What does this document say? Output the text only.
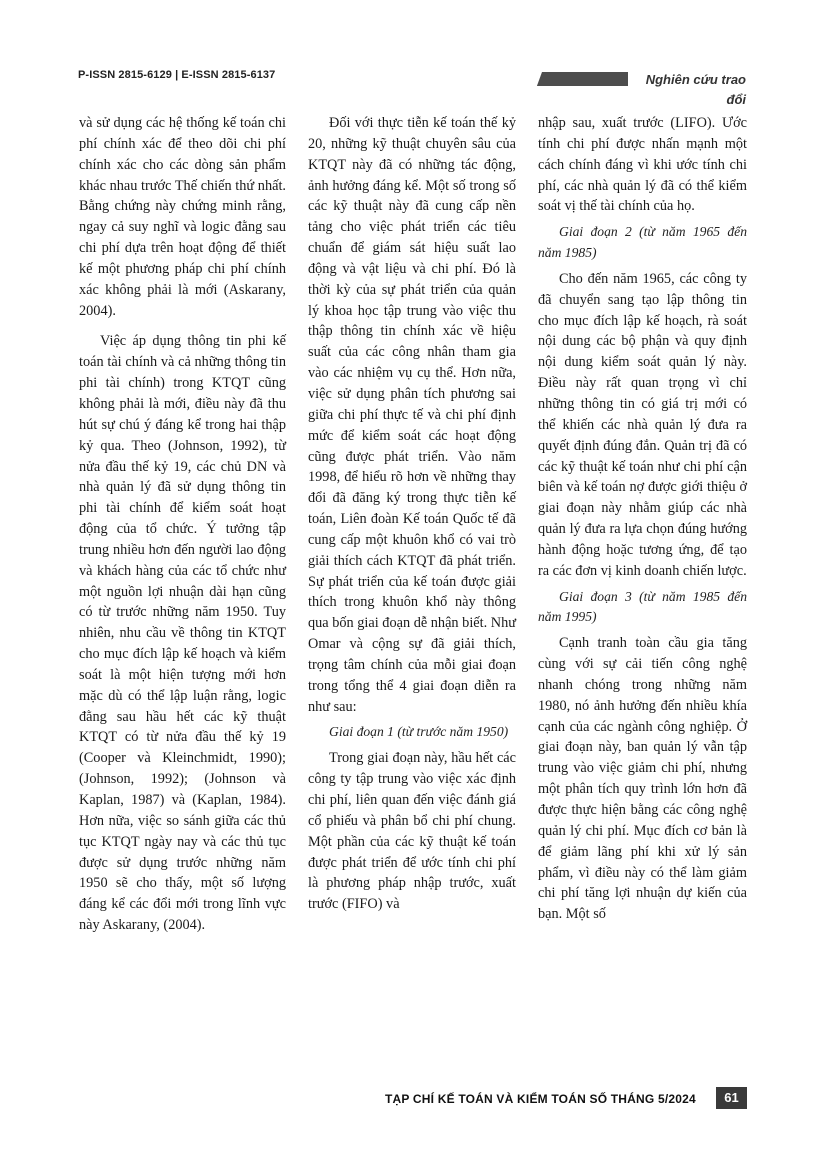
P-ISSN 2815-6129 | E-ISSN 2815-6137	Nghiên cứu trao đổi

và sử dụng các hệ thống kế toán chi phí chính xác để theo dõi chi phí chính xác cho các dòng sản phẩm khác nhau trước Thế chiến thứ nhất. Bằng chứng này chứng minh rằng, ngay cả suy nghĩ và logic đằng sau chi phí dựa trên hoạt động để thiết kế một phương pháp chi phí chính xác không phải là mới (Askarany, 2004).

Việc áp dụng thông tin phi kế toán tài chính và cả những thông tin phi tài chính) trong KTQT cũng không phải là mới, điều này đã thu hút sự chú ý đáng kể trong hai thập kỷ qua. Theo (Johnson, 1992), từ nửa đầu thế kỷ 19, các chủ DN và nhà quản lý đã sử dụng thông tin phi tài chính để kiểm soát hoạt động của tổ chức. Ý tưởng tập trung nhiều hơn đến người lao động và khách hàng của các tổ chức như một nguồn lợi nhuận dài hạn cũng có từ trước những năm 1950. Tuy nhiên, nhu cầu về thông tin KTQT cho mục đích lập kế hoạch và kiểm soát là một hiện tượng mới hơn mặc dù có thể lập luận rằng, logic đằng sau hầu hết các kỹ thuật KTQT có từ nửa đầu thế kỷ 19 (Cooper và Kleinchmidt, 1990); (Johnson, 1992); (Johnson và Kaplan, 1987) và (Kaplan, 1984). Hơn nữa, việc so sánh giữa các thủ tục KTQT ngày nay và các thủ tục được sử dụng trước những năm 1950 sẽ cho thấy, một số lượng đáng kể các đổi mới trong lĩnh vực này Askarany, (2004).

Đối với thực tiễn kế toán thế kỷ 20, những kỹ thuật chuyên sâu của KTQT này đã có những tác động, ảnh hưởng đáng kể. Một số trong số các kỹ thuật này đã cung cấp nền tảng cho việc phát triển các tiêu chuẩn để giám sát hiệu suất lao động và vật liệu và chi phí. Đó là thời kỳ của sự phát triển của quản lý khoa học tập trung vào việc thu thập thông tin chính xác về hiệu suất của các công nhân tham gia vào các nhiệm vụ cụ thể. Hơn nữa, việc sử dụng phân tích phương sai giữa chi phí thực tế và chi phí định mức để kiểm soát các hoạt động cũng được phát triển. Vào năm 1998, để hiểu rõ hơn về những thay đổi đã đăng ký trong thực tiễn kế toán, Liên đoàn Kế toán Quốc tế đã cung cấp một khuôn khổ có vai trò giải thích cách KTQT đã phát triển. Sự phát triển của kế toán được giải thích trong khuôn khổ này thông qua bốn giai đoạn dễ nhận biết. Như Omar và cộng sự đã giải thích, trọng tâm chính của mỗi giai đoạn trong tổng thể 4 giai đoạn diễn ra như sau:

Giai đoạn 1 (từ trước năm 1950)

Trong giai đoạn này, hầu hết các công ty tập trung vào việc xác định chi phí, liên quan đến việc đánh giá cổ phiếu và phân bổ chi phí chung. Một phần của các kỹ thuật kế toán được phát triển để ước tính chi phí là phương pháp nhập trước, xuất trước (FIFO) và

nhập sau, xuất trước (LIFO). Ước tính chi phí được nhấn mạnh một cách chính đáng vì khi ước tính chi phí, các nhà quản lý đã có thể kiểm soát vị thế tài chính của họ.

Giai đoạn 2 (từ năm 1965 đến năm 1985)

Cho đến năm 1965, các công ty đã chuyển sang tạo lập thông tin cho mục đích lập kế hoạch, rà soát nội dung các bộ phận và quy định nội dung kiểm soát quản lý này. Điều này rất quan trọng vì chỉ những thông tin có giá trị mới có thể khiến các nhà quản lý đưa ra quyết định đúng đắn. Quản trị đã có các kỹ thuật kế toán như chi phí cận biên và kế toán nợ được giới thiệu ở giai đoạn này nhằm giúp các nhà quản lý đưa ra lựa chọn đúng hướng hành động hoặc tương ứng, để tạo ra các đơn vị kinh doanh chiến lược.

Giai đoạn 3 (từ năm 1985 đến năm 1995)

Cạnh tranh toàn cầu gia tăng cùng với sự cải tiến công nghệ nhanh chóng trong những năm 1980, nó ảnh hưởng đến nhiều khía cạnh của các ngành công nghiệp. Ở giai đoạn này, ban quản lý vẫn tập trung vào việc giảm chi phí, nhưng một phân tích quy trình lớn hơn đã được thực hiện bằng các công nghệ quản lý chi phí. Mục đích cơ bản là để giảm lãng phí khi xử lý sản phẩm, vì điều này có thể làm giảm chi phí tăng lợi nhuận dự kiến của bạn. Một số

TẠP CHÍ KẾ TOÁN VÀ KIỂM TOÁN SỐ THÁNG 5/2024	61
